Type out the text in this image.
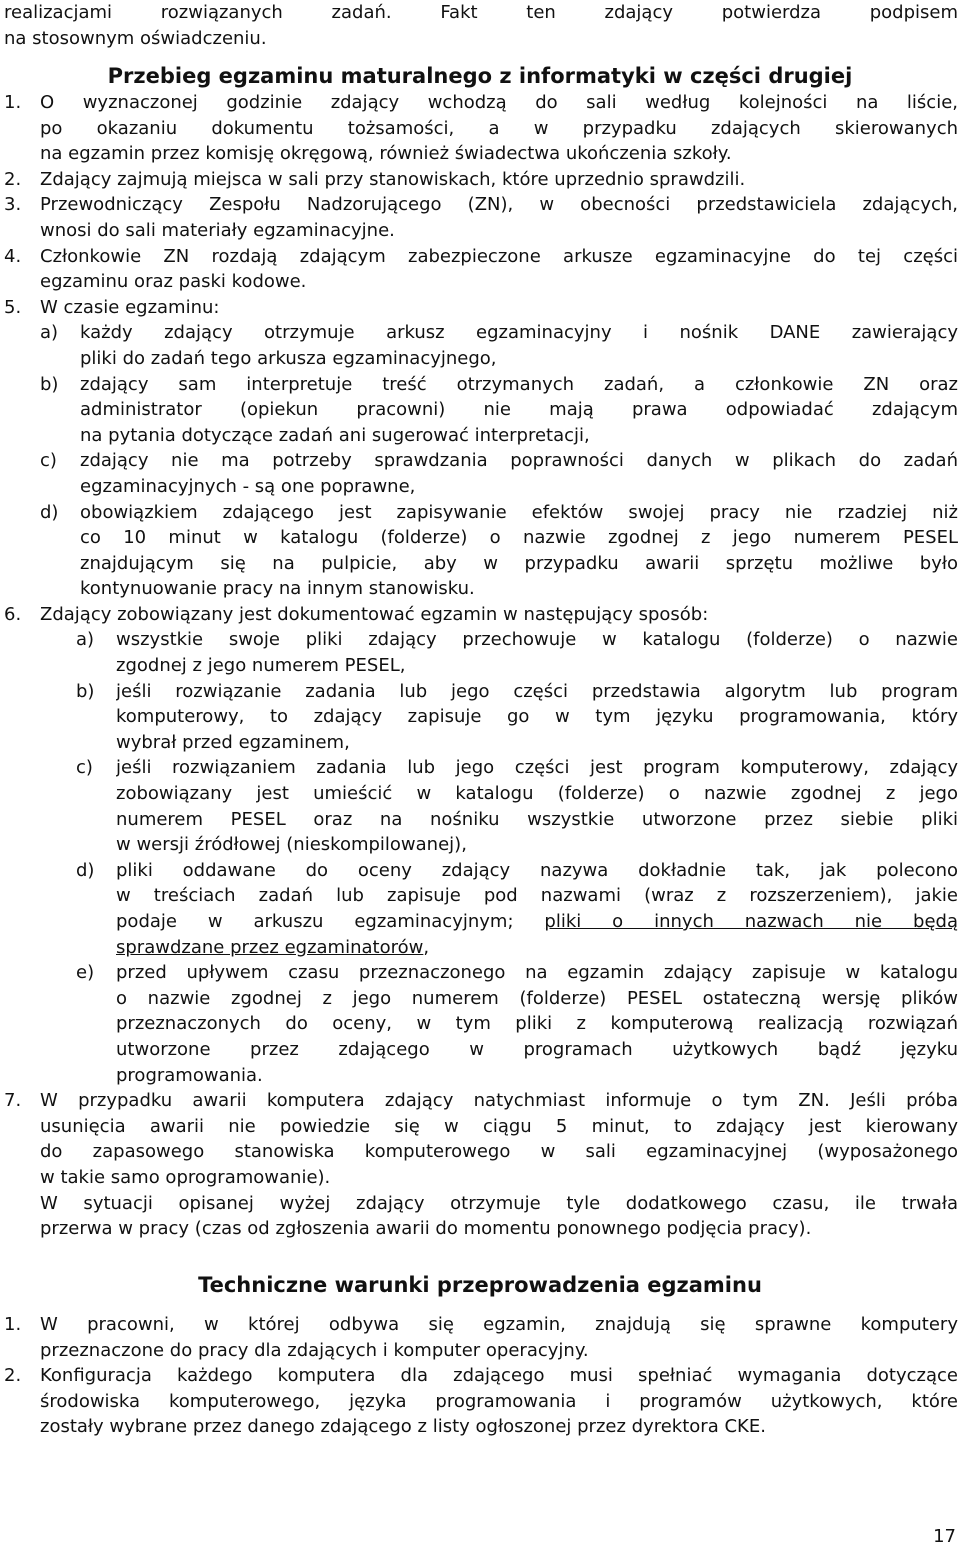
realizacjami rozwiązanych zadań. Fakt ten zdający potwierdza podpisem
na stosownym oświadczeniu.
Przebieg egzaminu maturalnego z informatyki w części drugiej
1.	O wyznaczonej godzinie zdający wchodzą do sali według kolejności na liście,
po okazaniu dokumentu tożsamości, a w przypadku zdających skierowanych
na egzamin przez komisję okręgową, również świadectwa ukończenia szkoły.
2.	Zdający zajmują miejsca w sali przy stanowiskach, które uprzednio sprawdzili.
3.	Przewodniczący Zespołu Nadzorującego (ZN), w obecności przedstawiciela zdających,
wnosi do sali materiały egzaminacyjne.
4.	Członkowie ZN rozdają zdającym zabezpieczone arkusze egzaminacyjne do tej części
egzaminu oraz paski kodowe.
5.	W czasie egzaminu:
a)	każdy zdający otrzymuje arkusz egzaminacyjny i nośnik DANE zawierający
pliki do zadań tego arkusza egzaminacyjnego,
b)	zdający sam interpretuje treść otrzymanych zadań, a członkowie ZN oraz
administrator (opiekun pracowni) nie mają prawa odpowiadać zdającym
na pytania dotyczące zadań ani sugerować interpretacji,
c)	zdający nie ma potrzeby sprawdzania poprawności danych w plikach do zadań
egzaminacyjnych - są one poprawne,
d)	obowiązkiem zdającego jest zapisywanie efektów swojej pracy nie rzadziej niż
co 10 minut w katalogu (folderze) o nazwie zgodnej z jego numerem PESEL
znajdującym się na pulpicie, aby w przypadku awarii sprzętu możliwe było
kontynuowanie pracy na innym stanowisku.
6.	Zdający zobowiązany jest dokumentować egzamin w następujący sposób:
a)	wszystkie swoje pliki zdający przechowuje w katalogu (folderze) o nazwie
zgodnej z jego numerem PESEL,
b)	jeśli rozwiązanie zadania lub jego części przedstawia algorytm lub program
komputerowy, to zdający zapisuje go w tym języku programowania, który
wybrał przed egzaminem,
c)	jeśli rozwiązaniem zadania lub jego części jest program komputerowy, zdający
zobowiązany jest umieścić w katalogu (folderze) o nazwie zgodnej z jego
numerem PESEL oraz na nośniku wszystkie utworzone przez siebie pliki
w wersji źródłowej (nieskompilowanej),
d)	pliki oddawane do oceny zdający nazywa dokładnie tak, jak polecono
w treściach zadań lub zapisuje pod nazwami (wraz z rozszerzeniem), jakie
podaje w arkuszu egzaminacyjnym; pliki o innych nazwach nie będą
sprawdzane przez egzaminatorów,
e)	przed upływem czasu przeznaczonego na egzamin zdający zapisuje w katalogu
o nazwie zgodnej z jego numerem (folderze) PESEL ostateczną wersję plików
przeznaczonych do oceny, w tym pliki z komputerową realizacją rozwiązań
utworzone przez zdającego w programach użytkowych bądź języku
programowania.
7.	W przypadku awarii komputera zdający natychmiast informuje o tym ZN. Jeśli próba
usunięcia awarii nie powiedzie się w ciągu 5 minut, to zdający jest kierowany
do zapasowego stanowiska komputerowego w sali egzaminacyjnej (wyposażonego
w takie samo oprogramowanie).
W sytuacji opisanej wyżej zdający otrzymuje tyle dodatkowego czasu, ile trwała
przerwa w pracy (czas od zgłoszenia awarii do momentu ponownego podjęcia pracy).
Techniczne warunki przeprowadzenia egzaminu
1.	W pracowni, w której odbywa się egzamin, znajdują się sprawne komputery
przeznaczone do pracy dla zdających i komputer operacyjny.
2.	Konfiguracja każdego komputera dla zdającego musi spełniać wymagania dotyczące
środowiska komputerowego, języka programowania i programów użytkowych, które
zostały wybrane przez danego zdającego z listy ogłoszonej przez dyrektora CKE.
17
